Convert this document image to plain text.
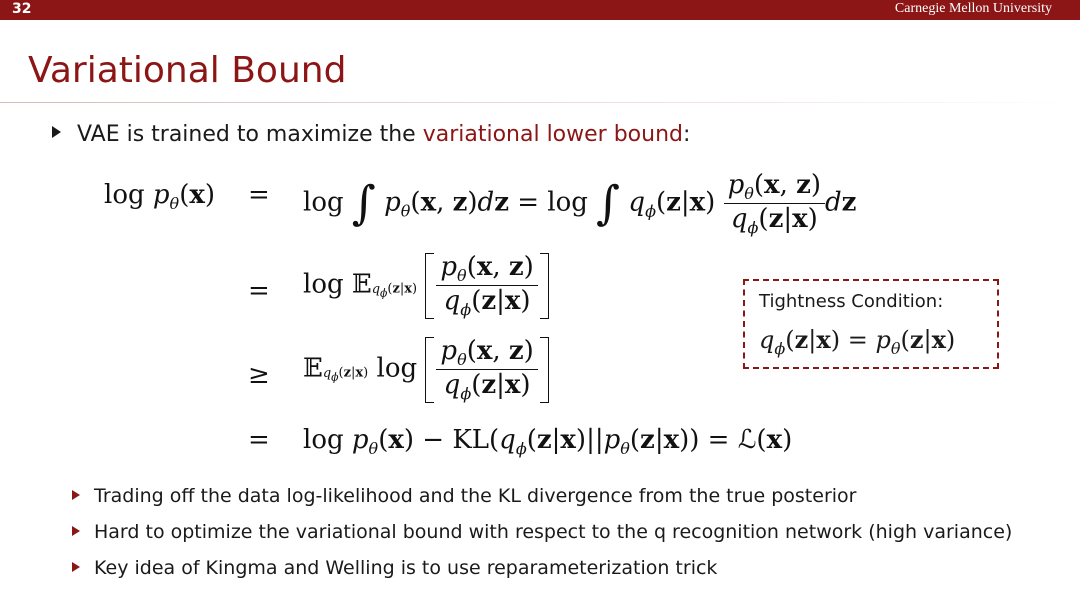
32	Carnegie Mellon University
Variational Bound
VAE is trained to maximize the variational lower bound:
$\log p_\theta(x) = \log$ ∫ $p_\theta(x$, z)dz = log ∫ $q_\phi(z|x) \frac{p_\theta(x, z)}{q_\phi(z|x)}$ dz
= log 𝔼q$_\phi$(z|x) $\frac{p_\theta(x, z)}{q_\phi(z|x)}$
≥ 𝔼q$_\phi$(z|x) $\log \frac{p_\theta(x, z)}{q_\phi(z|x)}$
= $\log p_\theta(x) - KL(q_\phi(z|x)||p_\theta(z|x))$ = ℒ(x)
Tightness Condition:
$q_\phi(z|x) = p_\theta(z|x)$
Trading off the data log-likelihood and the KL divergence from the true posterior
Hard to optimize the variational bound with respect to the q recognition network (high variance)
Key idea of Kingma and Welling is to use reparameterization trick
